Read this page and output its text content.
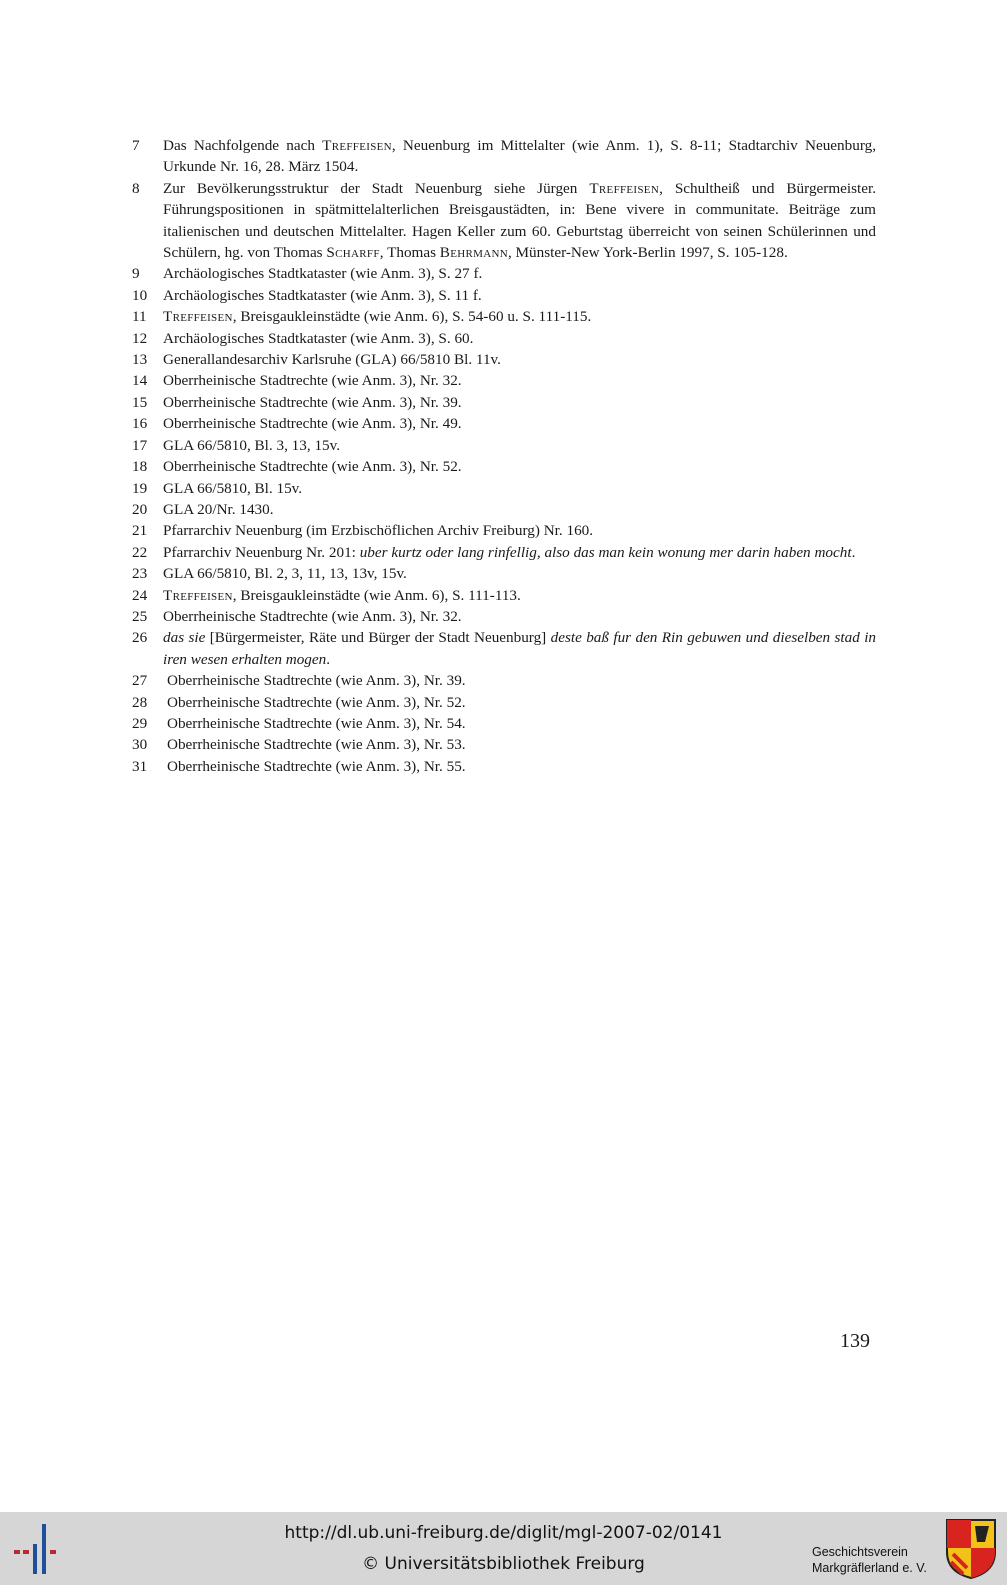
7	Das Nachfolgende nach Treffeisen, Neuenburg im Mittelalter (wie Anm. 1), S. 8-11; Stadtarchiv Neuenburg, Urkunde Nr. 16, 28. März 1504.
8	Zur Bevölkerungsstruktur der Stadt Neuenburg siehe Jürgen Treffeisen, Schultheiß und Bürgermeister. Führungspositionen in spätmittelalterlichen Breisgaustädten, in: Bene vivere in communitate. Beiträge zum italienischen und deutschen Mittelalter. Hagen Keller zum 60. Geburtstag überreicht von seinen Schülerinnen und Schülern, hg. von Thomas Scharff, Thomas Behrmann, Münster-New York-Berlin 1997, S. 105-128.
9	Archäologisches Stadtkataster (wie Anm. 3), S. 27 f.
10	Archäologisches Stadtkataster (wie Anm. 3), S. 11 f.
11	Treffeisen, Breisgaukleinstädte (wie Anm. 6), S. 54-60 u. S. 111-115.
12	Archäologisches Stadtkataster (wie Anm. 3), S. 60.
13	Generallandesarchiv Karlsruhe (GLA) 66/5810 Bl. 11v.
14	Oberrheinische Stadtrechte (wie Anm. 3), Nr. 32.
15	Oberrheinische Stadtrechte (wie Anm. 3), Nr. 39.
16	Oberrheinische Stadtrechte (wie Anm. 3), Nr. 49.
17	GLA 66/5810, Bl. 3, 13, 15v.
18	Oberrheinische Stadtrechte (wie Anm. 3), Nr. 52.
19	GLA 66/5810, Bl. 15v.
20	GLA 20/Nr. 1430.
21	Pfarrarchiv Neuenburg (im Erzbischöflichen Archiv Freiburg) Nr. 160.
22	Pfarrarchiv Neuenburg Nr. 201: uber kurtz oder lang rinfellig, also das man kein wonung mer darin haben mocht.
23	GLA 66/5810, Bl. 2, 3, 11, 13, 13v, 15v.
24	Treffeisen, Breisgaukleinstädte (wie Anm. 6), S. 111-113.
25	Oberrheinische Stadtrechte (wie Anm. 3), Nr. 32.
26	das sie [Bürgermeister, Räte und Bürger der Stadt Neuenburg] deste baß fur den Rin gebuwen und dieselben stad in iren wesen erhalten mogen.
27	Oberrheinische Stadtrechte (wie Anm. 3), Nr. 39.
28	Oberrheinische Stadtrechte (wie Anm. 3), Nr. 52.
29	Oberrheinische Stadtrechte (wie Anm. 3), Nr. 54.
30	Oberrheinische Stadtrechte (wie Anm. 3), Nr. 53.
31	Oberrheinische Stadtrechte (wie Anm. 3), Nr. 55.
139
http://dl.ub.uni-freiburg.de/diglit/mgl-2007-02/0141
© Universitätsbibliothek Freiburg
Geschichtsverein
Markgräflerland e. V.
